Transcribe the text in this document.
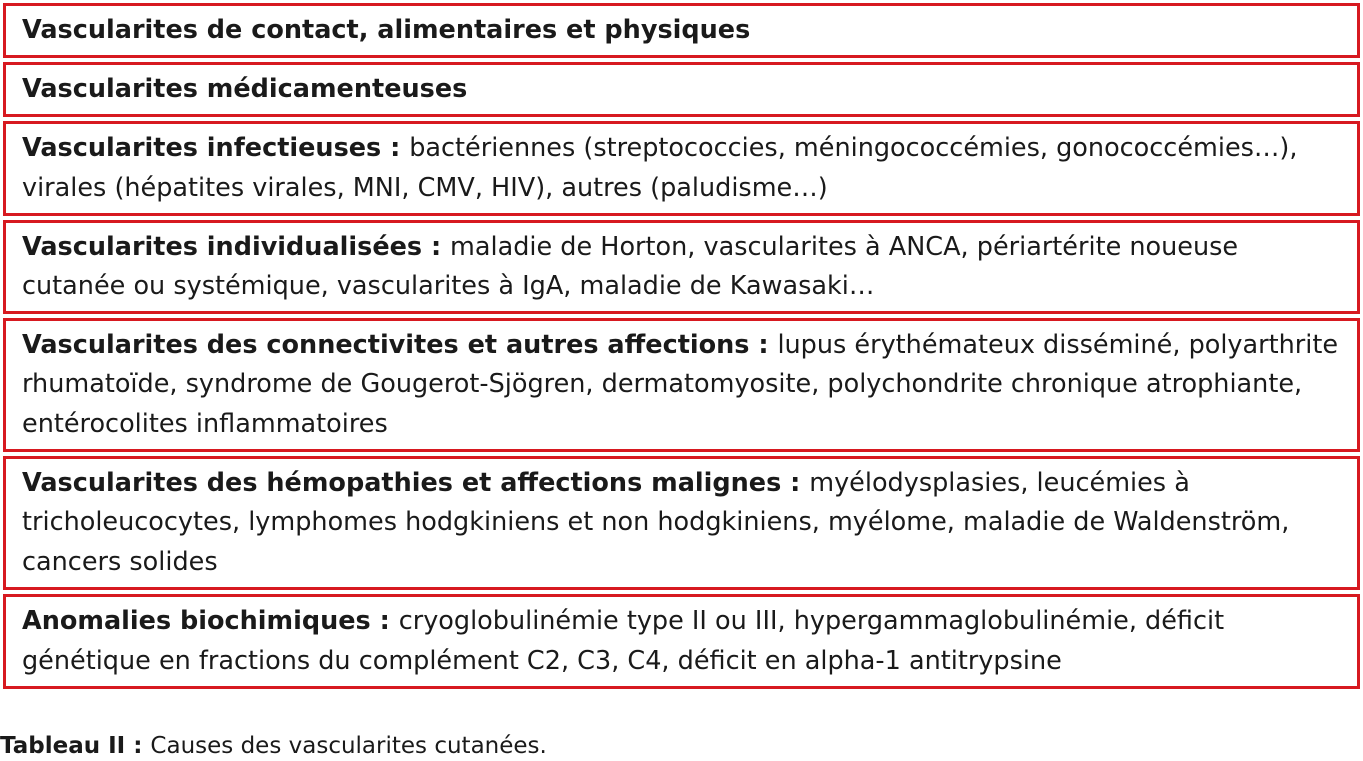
Vascularites de contact, alimentaires et physiques
Vascularites médicamenteuses
Vascularites infectieuses : bactériennes (streptococcies, méningococcémies, gonococcémies…), virales (hépatites virales, MNI, CMV, HIV), autres (paludisme…)
Vascularites individualisées : maladie de Horton, vascularites à ANCA, périartérite noueuse cutanée ou systémique, vascularites à IgA, maladie de Kawasaki…
Vascularites des connectivites et autres affections : lupus érythémateux disséminé, polyarthrite rhumatoïde, syndrome de Gougerot-Sjögren, dermatomyosite, polychondrite chronique atrophiante, entérocolites inflammatoires
Vascularites des hémopathies et affections malignes : myélodysplasies, leucémies à tricholeucocytes, lymphomes hodgkiniens et non hodgkiniens, myélome, maladie de Waldenström, cancers solides
Anomalies biochimiques : cryoglobulinémie type II ou III, hypergammaglobulinémie, déficit génétique en fractions du complément C2, C3, C4, déficit en alpha-1 antitrypsine
Tableau II : Causes des vascularites cutanées.
